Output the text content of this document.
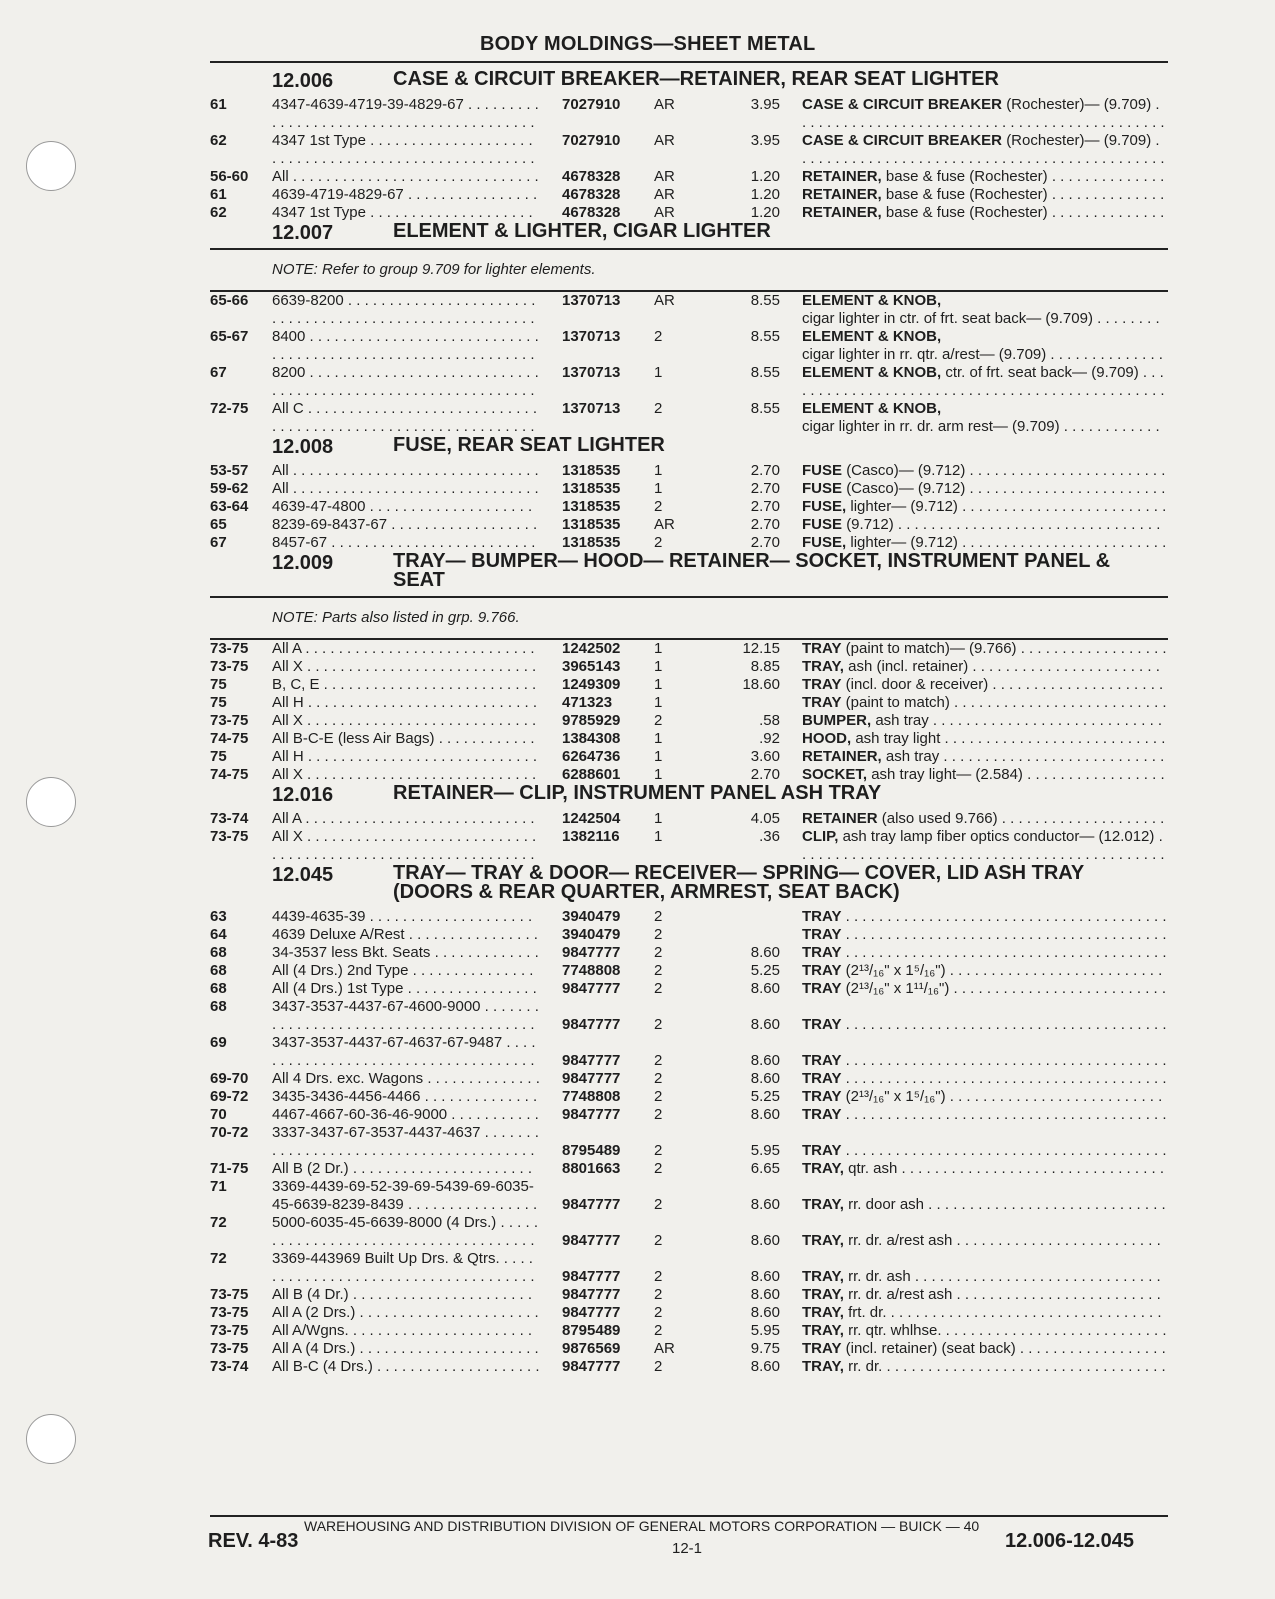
BODY MOLDINGS—SHEET METAL
12.006	CASE & CIRCUIT BREAKER—RETAINER, REAR SEAT LIGHTER
61	4347-4639-4719-39-4829-67 . . .	7027910 AR	3.95 CASE & CIRCUIT BREAKER (Rochester)— (9.709) . . .
62	4347 1st Type . . .	7027910 AR	3.95 CASE & CIRCUIT BREAKER (Rochester)— (9.709) . . .
56-60 All . . .	4678328 AR	1.20 RETAINER, base & fuse (Rochester) . . .
61	4639-4719-4829-67 . . .	4678328 AR	1.20 RETAINER, base & fuse (Rochester) . . .
62	4347 1st Type . . .	4678328 AR	1.20 RETAINER, base & fuse (Rochester) . . .
12.007	ELEMENT & LIGHTER, CIGAR LIGHTER
NOTE: Refer to group 9.709 for lighter elements.
65-66 6639-8200 . . .	1370713 AR	8.55 ELEMENT & KNOB, cigar lighter in ctr. of frt. seat back— (9.709) . . .
65-67 8400 . . .	1370713 2	8.55 ELEMENT & KNOB, cigar lighter in rr. qtr. a/rest— (9.709) . . .
67	8200 . . .	1370713 1	8.55 ELEMENT & KNOB, ctr. of frt. seat back— (9.709) . . .
72-75 All C . . .	1370713 2	8.55 ELEMENT & KNOB, cigar lighter in rr. dr. arm rest— (9.709) . . .
12.008	FUSE, REAR SEAT LIGHTER
53-57 All . . .	1318535 1	2.70 FUSE (Casco)— (9.712) . . .
59-62 All . . .	1318535 1	2.70 FUSE (Casco)— (9.712) . . .
63-64 4639-47-4800 . . .	1318535 2	2.70 FUSE, lighter— (9.712) . . .
65	8239-69-8437-67 . . .	1318535 AR	2.70 FUSE (9.712) . . .
67	8457-67 . . .	1318535 2	2.70 FUSE, lighter— (9.712) . . .
12.009	TRAY— BUMPER— HOOD— RETAINER— SOCKET, INSTRUMENT PANEL & SEAT
NOTE: Parts also listed in grp. 9.766.
73-75 All A . . .	1242502 1	12.15 TRAY (paint to match)— (9.766) . . .
73-75 All X . . .	3965143 1	8.85 TRAY, ash (incl. retainer) . . .
75	B, C, E . . .	1249309 1	18.60 TRAY (incl. door & receiver) . . .
75	All H . . .	471323	1	TRAY (paint to match) . . .
73-75 All X . . .	9785929 2	.58 BUMPER, ash tray . . .
74-75 All B-C-E (less Air Bags) . . .	1384308 1	.92 HOOD, ash tray light . . .
75	All H . . .	6264736 1	3.60 RETAINER, ash tray . . .
74-75 All X . . .	6288601 1	2.70 SOCKET, ash tray light— (2.584) . . .
12.016	RETAINER— CLIP, INSTRUMENT PANEL ASH TRAY
73-74 All A . . .	1242504 1	4.05 RETAINER (also used 9.766) . . .
73-75 All X . . .	1382116 1	.36 CLIP, ash tray lamp fiber optics conductor— (12.012) . . .
12.045	TRAY— TRAY & DOOR— RECEIVER— SPRING— COVER, LID ASH TRAY (DOORS & REAR QUARTER, ARMREST, SEAT BACK)
63	4439-4635-39 . . .	3940479 2	TRAY . . .
64	4639 Deluxe A/Rest . . .	3940479 2	TRAY . . .
68	34-3537 less Bkt. Seats . . .	9847777 2	8.60 TRAY . . .
68	All (4 Drs.) 2nd Type . . .	7748808 2	5.25 TRAY (2¹³/₁₆" x 1⁵/₁₆") . . .
68	All (4 Drs.) 1st Type . . .	9847777 2	8.60 TRAY (2¹³/₁₆" x 1¹¹/₁₆") . . .
68	3437-3537-4437-67-4600-9000 . . .
9847777 2	8.60 TRAY . . .
69	3437-3537-4437-67-4637-67-9487 . . .
9847777 2	8.60 TRAY . . .
69-70 All 4 Drs. exc. Wagons . . .	9847777 2	8.60 TRAY . . .
69-72 3435-3436-4456-4466 . . .	7748808 2	5.25 TRAY (2¹³/₁₆" x 1⁵/₁₆") . . .
70	4467-4667-60-36-46-9000 . . .	9847777 2	8.60 TRAY . . .
70-72 3337-3437-67-3537-4437-4637 . . .
8795489 2	5.95 TRAY . . .
71-75 All B (2 Dr.) . . .	8801663 2	6.65 TRAY, qtr. ash . . .
71	3369-4439-69-52-39-69-5439-69-6035-45-6639-8239-8439 . . .	9847777 2	8.60 TRAY, rr. door ash . . .
72	5000-6035-45-6639-8000 (4 Drs.) . . .
9847777 2	8.60 TRAY, rr. dr. a/rest ash . . .
72	3369-443969 Built Up Drs. & Qtrs. . . .
9847777 2	8.60 TRAY, rr. dr. ash . . .
73-75 All B (4 Dr.) . . .	9847777 2	8.60 TRAY, rr. dr. a/rest ash . . .
73-75 All A (2 Drs.) . . .	9847777 2	8.60 TRAY, frt. dr. . . .
73-75 All A/Wgns. . . .	8795489 2	5.95 TRAY, rr. qtr. whlhse. . . .
73-75 All A (4 Drs.) . . .	9876569 AR	9.75 TRAY (incl. retainer) (seat back) . . .
73-74 All B-C (4 Drs.) . . .	9847777 2	8.60 TRAY, rr. dr. . . .
WAREHOUSING AND DISTRIBUTION DIVISION OF GENERAL MOTORS CORPORATION — BUICK — 40
REV. 4-83	12-1	12.006-12.045
